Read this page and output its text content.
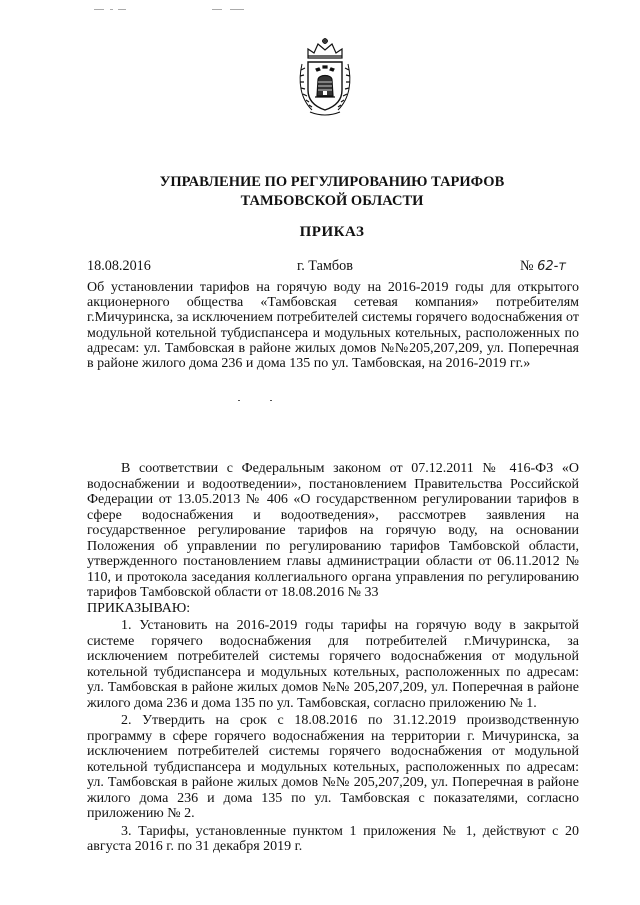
УПРАВЛЕНИЕ ПО РЕГУЛИРОВАНИЮ ТАРИФОВ
ТАМБОВСКОЙ ОБЛАСТИ
ПРИКАЗ
18.08.2016	г. Тамбов	№ 62-т
Об установлении тарифов на горячую воду на 2016-2019 годы для открытого акционерного общества «Тамбовская сетевая компания» потребителям г.Мичуринска, за исключением потребителей системы горячего водоснабжения от модульной котельной тубдиспансера и модульных котельных, расположенных по адресам: ул. Тамбовская в районе жилых домов №№205,207,209, ул. Поперечная в районе жилого дома 236 и дома 135 по ул. Тамбовская, на 2016-2019 гг.»

В соответствии с Федеральным законом от 07.12.2011 № 416-ФЗ «О водоснабжении и водоотведении», постановлением Правительства Российской Федерации от 13.05.2013 № 406 «О государственном регулировании тарифов в сфере водоснабжения и водоотведения», рассмотрев заявления на государственное регулирование тарифов на горячую воду, на основании Положения об управлении по регулированию тарифов Тамбовской области, утвержденного постановлением главы администрации области от 06.11.2012 № 110, и протокола заседания коллегиального органа управления по регулированию тарифов Тамбовской области от 18.08.2016 № 33

ПРИКАЗЫВАЮ:

1. Установить на 2016-2019 годы тарифы на горячую воду в закрытой системе горячего водоснабжения для потребителей г.Мичуринска, за исключением потребителей системы горячего водоснабжения от модульной котельной тубдиспансера и модульных котельных, расположенных по адресам: ул. Тамбовская в районе жилых домов №№ 205,207,209, ул. Поперечная в районе жилого дома 236 и дома 135 по ул. Тамбовская, согласно приложению № 1.

2. Утвердить на срок с 18.08.2016 по 31.12.2019 производственную программу в сфере горячего водоснабжения на территории г. Мичуринска, за исключением потребителей системы горячего водоснабжения от модульной котельной тубдиспансера и модульных котельных, расположенных по адресам: ул. Тамбовская в районе жилых домов №№ 205,207,209, ул. Поперечная в районе жилого дома 236 и дома 135 по ул. Тамбовская с показателями, согласно приложению № 2.

3. Тарифы, установленные пунктом 1 приложения № 1, действуют с 20 августа 2016 г. по 31 декабря 2019 г.
